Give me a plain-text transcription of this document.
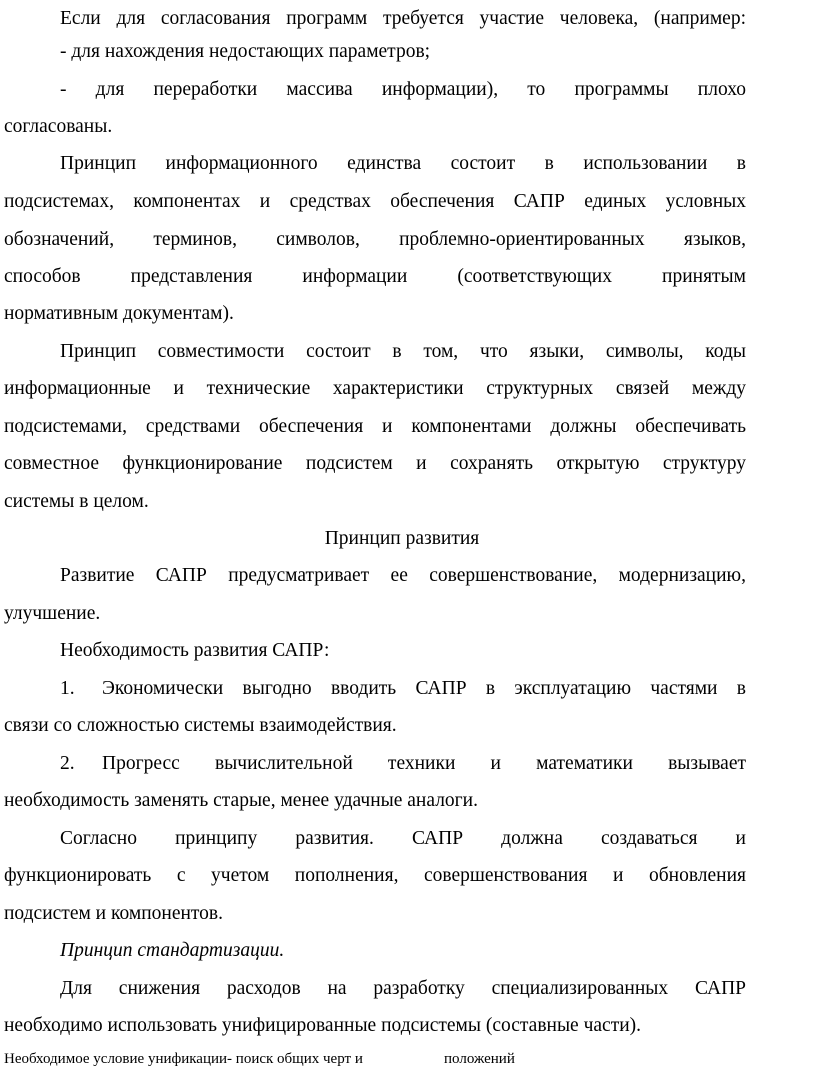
Если для согласования программ требуется участие человека, (например:
- для нахождения недостающих параметров;
- для переработки массива информации), то программы плохо
согласованы.
Принцип информационного единства состоит в использовании в
подсистемах, компонентах и средствах обеспечения САПР единых условных
обозначений, терминов, символов, проблемно-ориентированных языков,
способов представления информации (соответствующих принятым
нормативным документам).
Принцип совместимости состоит в том, что языки, символы, коды
информационные и технические характеристики структурных связей между
подсистемами, средствами обеспечения и компонентами должны обеспечивать
совместное функционирование подсистем и сохранять открытую структуру
системы в целом.
Принцип развития
Развитие САПР предусматривает ее совершенствование, модернизацию,
улучшение.
Необходимость развития САПР:
1.	Экономически выгодно вводить САПР в эксплуатацию частями в
связи со сложностью системы взаимодействия.
2.	Прогресс вычислительной техники и математики вызывает
необходимость заменять старые, менее удачные аналоги.
Согласно принципу развития. САПР должна создаваться и
функционировать с учетом пополнения, совершенствования и обновления
подсистем и компонентов.
Принцип стандартизации.
Для снижения расходов на разработку специализированных САПР
необходимо использовать унифицированные подсистемы (составные части).
Необходимое условие унификации- поиск общих черт и	положений
